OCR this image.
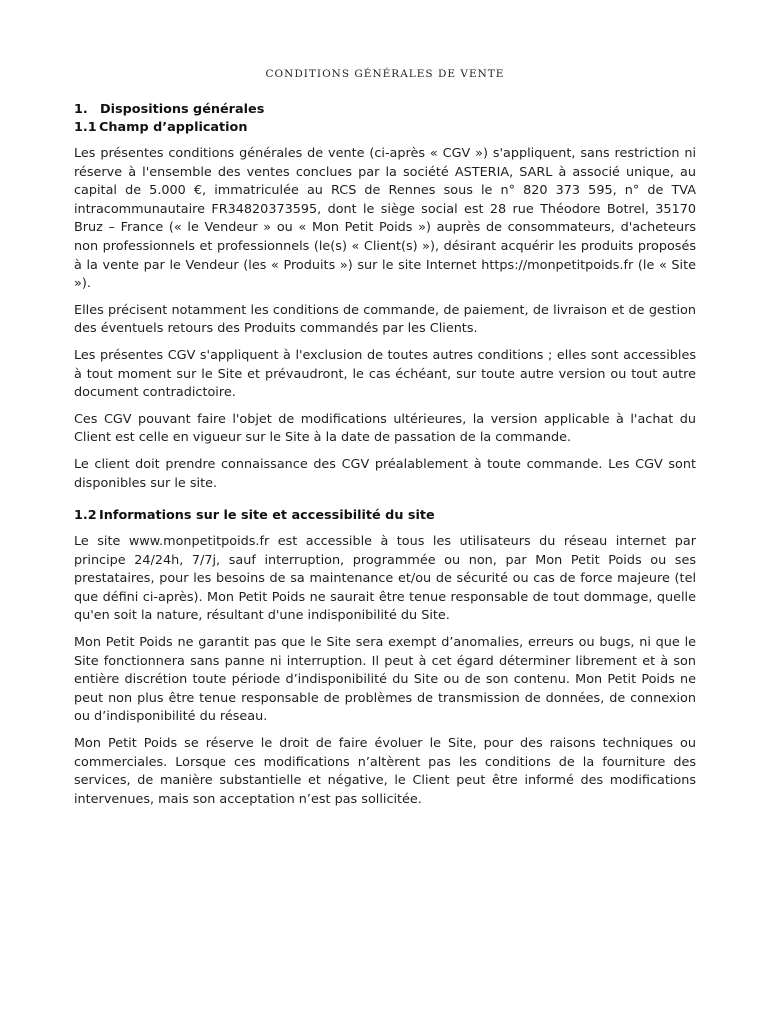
CONDITIONS GÉNÉRALES DE VENTE
1. Dispositions générales
1.1 Champ d’application

Les présentes conditions générales de vente (ci-après « CGV ») s'appliquent, sans restriction ni réserve à l'ensemble des ventes conclues par la société ASTERIA, SARL à associé unique, au capital de 5.000 €, immatriculée au RCS de Rennes sous le n° 820 373 595, n° de TVA intracommunautaire FR34820373595, dont le siège social est 28 rue Théodore Botrel, 35170 Bruz – France (« le Vendeur » ou « Mon Petit Poids ») auprès de consommateurs, d'acheteurs non professionnels et professionnels (le(s) « Client(s) »), désirant acquérir les produits proposés à la vente par le Vendeur (les « Produits ») sur le site Internet https://monpetitpoids.fr (le « Site »).

Elles précisent notamment les conditions de commande, de paiement, de livraison et de gestion des éventuels retours des Produits commandés par les Clients.

Les présentes CGV s'appliquent à l'exclusion de toutes autres conditions ; elles sont accessibles à tout moment sur le Site et prévaudront, le cas échéant, sur toute autre version ou tout autre document contradictoire.

Ces CGV pouvant faire l'objet de modifications ultérieures, la version applicable à l'achat du Client est celle en vigueur sur le Site à la date de passation de la commande.

Le client doit prendre connaissance des CGV préalablement à toute commande. Les CGV sont disponibles sur le site.

1.2 Informations sur le site et accessibilité du site

Le site www.monpetitpoids.fr est accessible à tous les utilisateurs du réseau internet par principe 24/24h, 7/7j, sauf interruption, programmée ou non, par Mon Petit Poids ou ses prestataires, pour les besoins de sa maintenance et/ou de sécurité ou cas de force majeure (tel que défini ci-après). Mon Petit Poids ne saurait être tenue responsable de tout dommage, quelle qu'en soit la nature, résultant d'une indisponibilité du Site.

Mon Petit Poids ne garantit pas que le Site sera exempt d’anomalies, erreurs ou bugs, ni que le Site fonctionnera sans panne ni interruption. Il peut à cet égard déterminer librement et à son entière discrétion toute période d’indisponibilité du Site ou de son contenu. Mon Petit Poids ne peut non plus être tenue responsable de problèmes de transmission de données, de connexion ou d’indisponibilité du réseau.

Mon Petit Poids se réserve le droit de faire évoluer le Site, pour des raisons techniques ou commerciales. Lorsque ces modifications n’altèrent pas les conditions de la fourniture des services, de manière substantielle et négative, le Client peut être informé des modifications intervenues, mais son acceptation n’est pas sollicitée.
